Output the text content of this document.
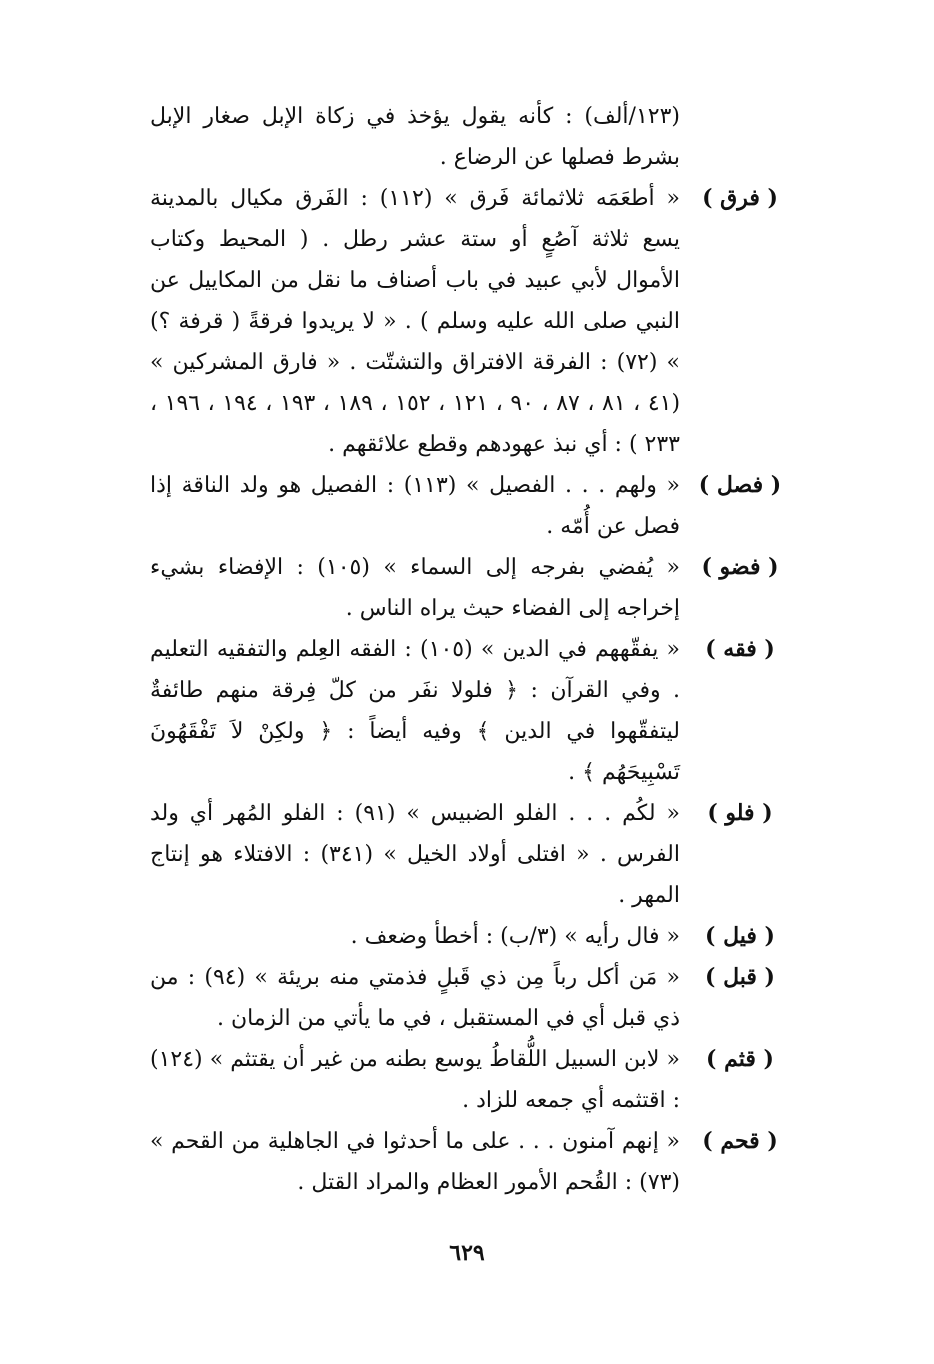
(١٢٣/ألف) : كأنه يقول يؤخذ في زكاة الإبل صغار الإبل بشرط فصلها عن الرضاع .
( فرق )
« أطعَمَه ثلاثمائة فَرق » (١١٢) : الفَرق مكيال بالمدينة يسع ثلاثة آصُعٍ أو ستة عشر رطل . ( المحيط وكتاب الأموال لأبي عبيد في باب أصناف ما نقل من المكاييل عن النبي صلى الله عليه وسلم ) . « لا يريدوا فرقةً ( قرفة ؟) » (٧٢) : الفرقة الافتراق والتشتّت . « فارق المشركين » (٤١ ، ٨١ ، ٨٧ ، ٩٠ ، ١٢١ ، ١٥٢ ، ١٨٩ ، ١٩٣ ، ١٩٤ ، ١٩٦ ، ٢٣٣ ) : أي نبذ عهودهم وقطع علائقهم .
( فصل )
« ولهم . . . الفصيل » (١١٣) : الفصيل هو ولد الناقة إذا فصل عن أُمّه .
( فضو )
« يُفضي بفرجه إلى السماء » (١٠٥) : الإفضاء بشيء إخراجه إلى الفضاء حيث يراه الناس .
( فقه )
« يفقّههم في الدين » (١٠٥) : الفقه العِلم والتفقيه التعليم . وفي القرآن : ﴿ فلولا نفَر من كلّ فِرقة منهم طائفةٌ ليتفقّهوا في الدين ﴾ وفيه أيضاً : ﴿ ولكِنْ لاَ تَفْقَهُونَ تَسْبِيحَهُم ﴾ .
( فلو )
« لكُم . . . الفلو الضبيس » (٩١) : الفلو المُهر أي ولد الفرس . « افتلى أولاد الخيل » (٣٤١) : الافتلاء هو إنتاج المهر .
( فيل )
« فال رأيه » (٣/ب) : أخطأ وضعف .
( قبل )
« مَن أكل رباً مِن ذي قَبلٍ فذمتي منه بريئة » (٩٤) : من ذي قبل أي في المستقبل ، في ما يأتي من الزمان .
( قثم )
« لابن السبيل اللُّقاطُ يوسع بطنه من غير أن يقتثم » (١٢٤) : اقتثمه أي جمعه للزاد .
( قحم )
« إنهم آمنون . . . على ما أحدثوا في الجاهلية من القحم » (٧٣) : القُحم الأمور العظام والمراد القتل .
٦٢٩
